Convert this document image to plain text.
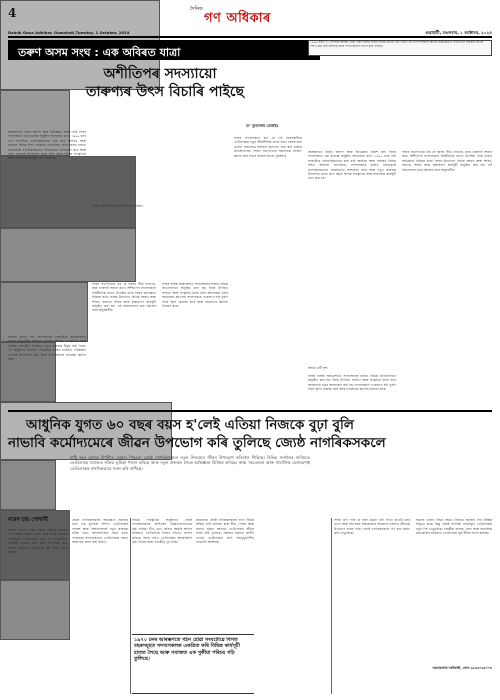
4	দৈনিক
গণ অধিকাৰ
Dainik Gana Adhikar, Guwahati,Tuesday, 1 October, 2024	গুৱাহাটী, মঙলবাৰ, ১ অক্টোবৰ, ২০২৪
তৰুণ অসম সংঘ : এক অবিৰত যাত্ৰা
১৯৯০ চনত ২১ সদস্যৰে আৰম্ভ হোৱা তৰুণ অসম সংঘৰ বাৰ্ষিক মিলন। যাৰ পিছত গৰ তিনি দশকৰো অধিক সময়ছোৱাত সংঘটোৱে সমাজৰ বিভিন্ন দিশত কাম কৰি আহিছে আৰু সদস্যসকলৰ সংখ্যা বৃদ্ধি পাইছে।
অশীতিপৰ সদস্যায়ো
তাৰুণ্যৰ উৎস বিচাৰি পাইছে
ড° ভুবনেশ্বৰ ডেকাইঃ
আৰম্ভণিতে নিজৰ আনন্দ আৰু অভিজ্ঞতা প্ৰকাশ কৰি সংঘৰ সদস্যসকলে এক মনোজ্ঞ অনুষ্ঠান আয়োজন কৰে। ১৯৯০ চনৰ পৰা সংঘটোৱে ধাৰাবাহিকভাৱে কাম কৰি আহিছে আৰু সমাজৰ বিভিন্ন দিশত অৰিহণা যোগাইছে। সদস্যসকলৰ মাজত বয়োজ্যেষ্ঠ নাগৰিকসকলেও সক্ৰিয়ভাৱে অংশগ্ৰহণ কৰে আৰু নতুন প্ৰজন্মক উৎসাহিত কৰে। প্ৰতি বছৰে বিভিন্ন সাংস্কৃতিক আৰু সামাজিক কাৰ্যসূচী গ্ৰহণ কৰা হয়।
প্ৰতিষ্ঠা কালৰ পৰা আজিলৈকে সংঘটোৱে সমাজসেৱাৰ ক্ষেত্ৰত অতুলনীয় অৰিহণা যোগাই আহিছে। সাংস্কৃতিক আৰু শৈক্ষিক কাৰ্যসূচীৰ জৰিয়তে নতুন প্ৰজন্মক উদ্বুদ্ধ কৰা হৈছে। এই অনুষ্ঠানত উপস্থিত সকলোৱে সংঘৰ ভৱিষ্যত পৰিকল্পনা সম্পৰ্কে আলোচনা কৰে আৰু সদস্যসকলক শুভেচ্ছা জ্ঞাপন কৰে।
বাৰ্ষিক অধিৱেশনত উপস্থিত সদস্যসকল
সংঘৰ সভাপতিয়ে কয় যে বয়সৰ সীমা নাথাকে, মনৰ তাৰুণ্যই আচল কথা। অশীতিপৰ সদস্যসকলে নিয়মীয়াকৈ সভাত উপস্থিত থাকি নিজৰ অভিজ্ঞতা বিনিময় কৰে। সংঘৰ উদ্যোগত বিভিন্ন সময়ত স্বাস্থ্য শিবিৰ, ৰক্তদান শিবিৰ আৰু বৃক্ষৰোপণ কাৰ্যসূচী অনুষ্ঠিত কৰা হয়। এই সকলোবোৰ কাম সমাজৰ বাবে অনুকৰণীয়।
সংঘৰ বাৰ্ষিক অধিৱেশনত সদস্যসকলৰ মাজত বিভিন্ন প্ৰতিযোগিতা অনুষ্ঠিত কৰা হয়। ইয়াৰ উপৰিও সাহিত্য আৰু সংস্কৃতিৰ চৰ্চাৰ বাবে আলোচনা চক্ৰৰ আয়োজন কৰা হয়। সদস্যসকলে একেলগে বহি পুৰণি দিনৰ স্মৃতি ৰোমন্থন কৰে আৰু ভৱিষ্যতৰ কৰ্মপন্থা নিৰ্ধাৰণ কৰে।
সংঘৰ সদস্যসকলে কয় যে এই মিলনস্থলীয়ে তেওঁলোকক নতুন জীৱনীশক্তি প্ৰদান কৰে। বয়সৰ বাধা নেওচি সকলোৱে সমাজৰ কল্যাণত কাম কৰি যাবলৈ প্ৰতিশ্ৰুতিবদ্ধ। শেষত সভাপতিয়ে সকলোকে ধন্যবাদ জ্ঞাপন কৰি সভাৰ সামৰণি মাৰে। (ক্ৰমশঃ)
আৰম্ভণিতে নিজৰ আনন্দ আৰু অভিজ্ঞতা প্ৰকাশ কৰি সংঘৰ সদস্যসকলে এক মনোজ্ঞ অনুষ্ঠান আয়োজন কৰে। ১৯৯০ চনৰ পৰা সংঘটোৱে ধাৰাবাহিকভাৱে কাম কৰি আহিছে আৰু সমাজৰ বিভিন্ন দিশত অৰিহণা যোগাইছে। সদস্যসকলৰ মাজত বয়োজ্যেষ্ঠ নাগৰিকসকলেও সক্ৰিয়ভাৱে অংশগ্ৰহণ কৰে আৰু নতুন প্ৰজন্মক উৎসাহিত কৰে। প্ৰতি বছৰে বিভিন্ন সাংস্কৃতিক আৰু সামাজিক কাৰ্যসূচী গ্ৰহণ কৰা হয়।
সংঘৰ সভাপতিয়ে কয় যে বয়সৰ সীমা নাথাকে, মনৰ তাৰুণ্যই আচল কথা। অশীতিপৰ সদস্যসকলে নিয়মীয়াকৈ সভাত উপস্থিত থাকি নিজৰ অভিজ্ঞতা বিনিময় কৰে। সংঘৰ উদ্যোগত বিভিন্ন সময়ত স্বাস্থ্য শিবিৰ, ৰক্তদান শিবিৰ আৰু বৃক্ষৰোপণ কাৰ্যসূচী অনুষ্ঠিত কৰা হয়। এই সকলোবোৰ কাম সমাজৰ বাবে অনুকৰণীয়।
সভাৰ এটি দৃশ্য
সংঘৰ বাৰ্ষিক অধিৱেশনত সদস্যসকলৰ মাজত বিভিন্ন প্ৰতিযোগিতা অনুষ্ঠিত কৰা হয়। ইয়াৰ উপৰিও সাহিত্য আৰু সংস্কৃতিৰ চৰ্চাৰ বাবে আলোচনা চক্ৰৰ আয়োজন কৰা হয়। সদস্যসকলে একেলগে বহি পুৰণি দিনৰ স্মৃতি ৰোমন্থন কৰে আৰু ভৱিষ্যতৰ কৰ্মপন্থা নিৰ্ধাৰণ কৰে।
আধুনিক যুগত ৬০ বছৰ বয়স হ'লেই এতিয়া নিজকে বুঢ়া বুলি
নাভাবি কৰ্মোদ্যমেৰে জীৱন উপভোগ কৰি তুলিছে জ্যেষ্ঠ নাগৰিকসকলে
নৰেন চন্দ্ৰ গোস্বামী
ষাঠি বছৰ বয়সত উপনীত হোৱাৰ পিছতো জ্যেষ্ঠ নাগৰিকসকলে নতুন উদ্যমেৰে জীৱন উপভোগ কৰিবলৈ শিকিছে। বিভিন্ন সংগঠনৰ জৰিয়তে তেওঁলোকে সমাজত সক্ৰিয় ভূমিকা পালন কৰিছে আৰু নতুন প্ৰজন্মৰ সৈতে অভিজ্ঞতা বিনিময় কৰিছে। স্বাস্থ্য সচেতনতা আৰু সামাজিক মেলামেশাই তেওঁলোকক মানসিকভাৱে সবল কৰি ৰাখিছে।
অৱসৰ গ্ৰহণৰ পিছত বহুতে নিজকে সমাজৰ পৰা বিচ্ছিন্ন অনুভৱ কৰে। কিন্তু জ্যেষ্ঠ নাগৰিক সংঘসমূহে তেওঁলোকক নতুন দিশ দেখুৱাইছে। নিয়মীয়া ব্যায়াম, যোগ আৰু সামাজিক কাম-কাজৰ জৰিয়তে তেওঁলোকে সুস্থ জীৱন যাপন কৰিছে।
জ্যেষ্ঠ নাগৰিকসকলৰ অভিজ্ঞতা সমাজৰ বাবে এক মূল্যবান সম্পদ। তেওঁলোকৰ পৰামৰ্শ আৰু দিশনিৰ্দেশনাই নতুন প্ৰজন্মক সঠিক পথত আগবাঢ়িবলৈ সহায় কৰে। পৰিয়ালৰ সদস্যসকলেও তেওঁলোকক সন্মান আৰু যত্ন প্ৰদান কৰা উচিত।
বিভিন্ন সাংস্কৃতিক অনুষ্ঠানত জ্যেষ্ঠ নাগৰিকসকলৰ অংশগ্ৰহণ উল্লেখযোগ্যভাৱে বৃদ্ধি পাইছে। গীত, নৃত্য, কবিতা আবৃত্তি আদিৰ জৰিয়তে তেওঁলোকে নিজৰ প্ৰতিভা প্ৰদৰ্শন কৰিছে। ইয়াৰ ফলত তেওঁলোকৰ আত্মবিশ্বাস বৃদ্ধি পাইছে আৰু একাকীত্ব দূৰ হৈছে।
চৰকাৰেও জ্যেষ্ঠ নাগৰিকসকলৰ বাবে বিভিন্ন আঁচনি গ্ৰহণ কৰিছে। স্বাস্থ্য বীমা, পেঞ্চন আৰু ভ্ৰমণৰ সুবিধা আদিয়ে তেওঁলোকৰ জীৱন সহজ কৰি তুলিছে। সমাজৰ সকলো শ্ৰেণীৰ লোকে তেওঁলোকৰ প্ৰতি সহানুভূতিশীল হোৱাটো আৱশ্যক।
১৯৭০ চনৰ আৰম্ভণতে গঠন হোৱা সংঘটোৱে বিগত বছৰসমূহত সদস্যসকলক একত্ৰিত কৰি বিভিন্ন কাৰ্যসূচী হাতত লৈছে আৰু সমাজত এক সুকীয়া পৰিচয় গঢ়ি তুলিছে।
শেষত ক'ব পাৰি যে বয়স কেৱল এটা সংখ্যা মাথোঁ। মনৰ দৃঢ়তা আৰু ইতিবাচক চিন্তাধাৰাৰে যিকোনো বয়সতে জীৱনক উপভোগ কৰিব পাৰি। জ্যেষ্ঠ নাগৰিকসকলে এই কথা প্ৰমাণ কৰি দেখুৱাইছে।
অৱসৰ গ্ৰহণৰ পিছত বহুতে নিজকে সমাজৰ পৰা বিচ্ছিন্ন অনুভৱ কৰে। কিন্তু জ্যেষ্ঠ নাগৰিক সংঘসমূহে তেওঁলোকক নতুন দিশ দেখুৱাইছে। নিয়মীয়া ব্যায়াম, যোগ আৰু সামাজিক কাম-কাজৰ জৰিয়তে তেওঁলোকে সুস্থ জীৱন যাপন কৰিছে।
অৱসৰপ্ৰাপ্ত অধিকাৰী, ফোন ৯৮৬৪০৬৫০৭৩
